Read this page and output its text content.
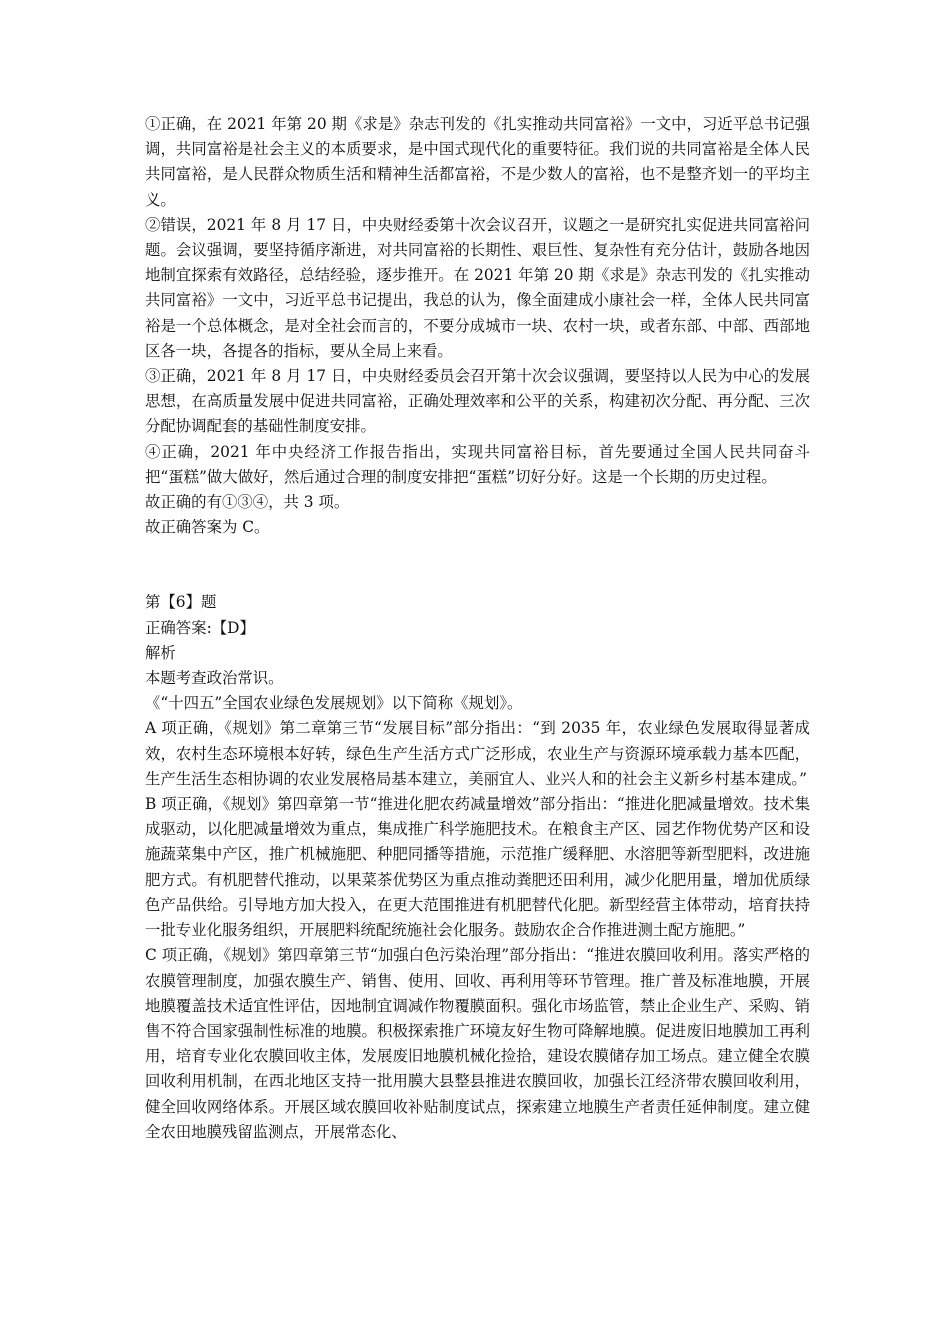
①正确，在 2021 年第 20 期《求是》杂志刊发的《扎实推动共同富裕》一文中，习近平总书记强调，共同富裕是社会主义的本质要求，是中国式现代化的重要特征。我们说的共同富裕是全体人民共同富裕，是人民群众物质生活和精神生活都富裕，不是少数人的富裕，也不是整齐划一的平均主义。

②错误，2021 年 8 月 17 日，中央财经委第十次会议召开，议题之一是研究扎实促进共同富裕问题。会议强调，要坚持循序渐进，对共同富裕的长期性、艰巨性、复杂性有充分估计，鼓励各地因地制宜探索有效路径，总结经验，逐步推开。在 2021 年第 20 期《求是》杂志刊发的《扎实推动共同富裕》一文中，习近平总书记提出，我总的认为，像全面建成小康社会一样，全体人民共同富裕是一个总体概念，是对全社会而言的，不要分成城市一块、农村一块，或者东部、中部、西部地区各一块，各提各的指标，要从全局上来看。

③正确，2021 年 8 月 17 日，中央财经委员会召开第十次会议强调，要坚持以人民为中心的发展思想，在高质量发展中促进共同富裕，正确处理效率和公平的关系，构建初次分配、再分配、三次分配协调配套的基础性制度安排。

④正确，2021 年中央经济工作报告指出，实现共同富裕目标，首先要通过全国人民共同奋斗把“蛋糕”做大做好，然后通过合理的制度安排把“蛋糕”切好分好。这是一个长期的历史过程。

故正确的有①③④，共 3 项。

故正确答案为 C。

第【6】题

正确答案:【D】

解析

本题考查政治常识。

《“十四五”全国农业绿色发展规划》以下简称《规划》。

A 项正确，《规划》第二章第三节“发展目标”部分指出：“到 2035 年，农业绿色发展取得显著成效，农村生态环境根本好转，绿色生产生活方式广泛形成，农业生产与资源环境承载力基本匹配，生产生活生态相协调的农业发展格局基本建立，美丽宜人、业兴人和的社会主义新乡村基本建成。”

B 项正确，《规划》第四章第一节“推进化肥农药减量增效”部分指出：“推进化肥减量增效。技术集成驱动，以化肥减量增效为重点，集成推广科学施肥技术。在粮食主产区、园艺作物优势产区和设施蔬菜集中产区，推广机械施肥、种肥同播等措施，示范推广缓释肥、水溶肥等新型肥料，改进施肥方式。有机肥替代推动，以果菜茶优势区为重点推动粪肥还田利用，减少化肥用量，增加优质绿色产品供给。引导地方加大投入，在更大范围推进有机肥替代化肥。新型经营主体带动，培育扶持一批专业化服务组织，开展肥料统配统施社会化服务。鼓励农企合作推进测土配方施肥。”

C 项正确，《规划》第四章第三节“加强白色污染治理”部分指出：“推进农膜回收利用。落实严格的农膜管理制度，加强农膜生产、销售、使用、回收、再利用等环节管理。推广普及标准地膜，开展地膜覆盖技术适宜性评估，因地制宜调减作物覆膜面积。强化市场监管，禁止企业生产、采购、销售不符合国家强制性标准的地膜。积极探索推广环境友好生物可降解地膜。促进废旧地膜加工再利用，培育专业化农膜回收主体，发展废旧地膜机械化捡拾，建设农膜储存加工场点。建立健全农膜回收利用机制，在西北地区支持一批用膜大县整县推进农膜回收，加强长江经济带农膜回收利用，健全回收网络体系。开展区域农膜回收补贴制度试点，探索建立地膜生产者责任延伸制度。建立健全农田地膜残留监测点，开展常态化、
